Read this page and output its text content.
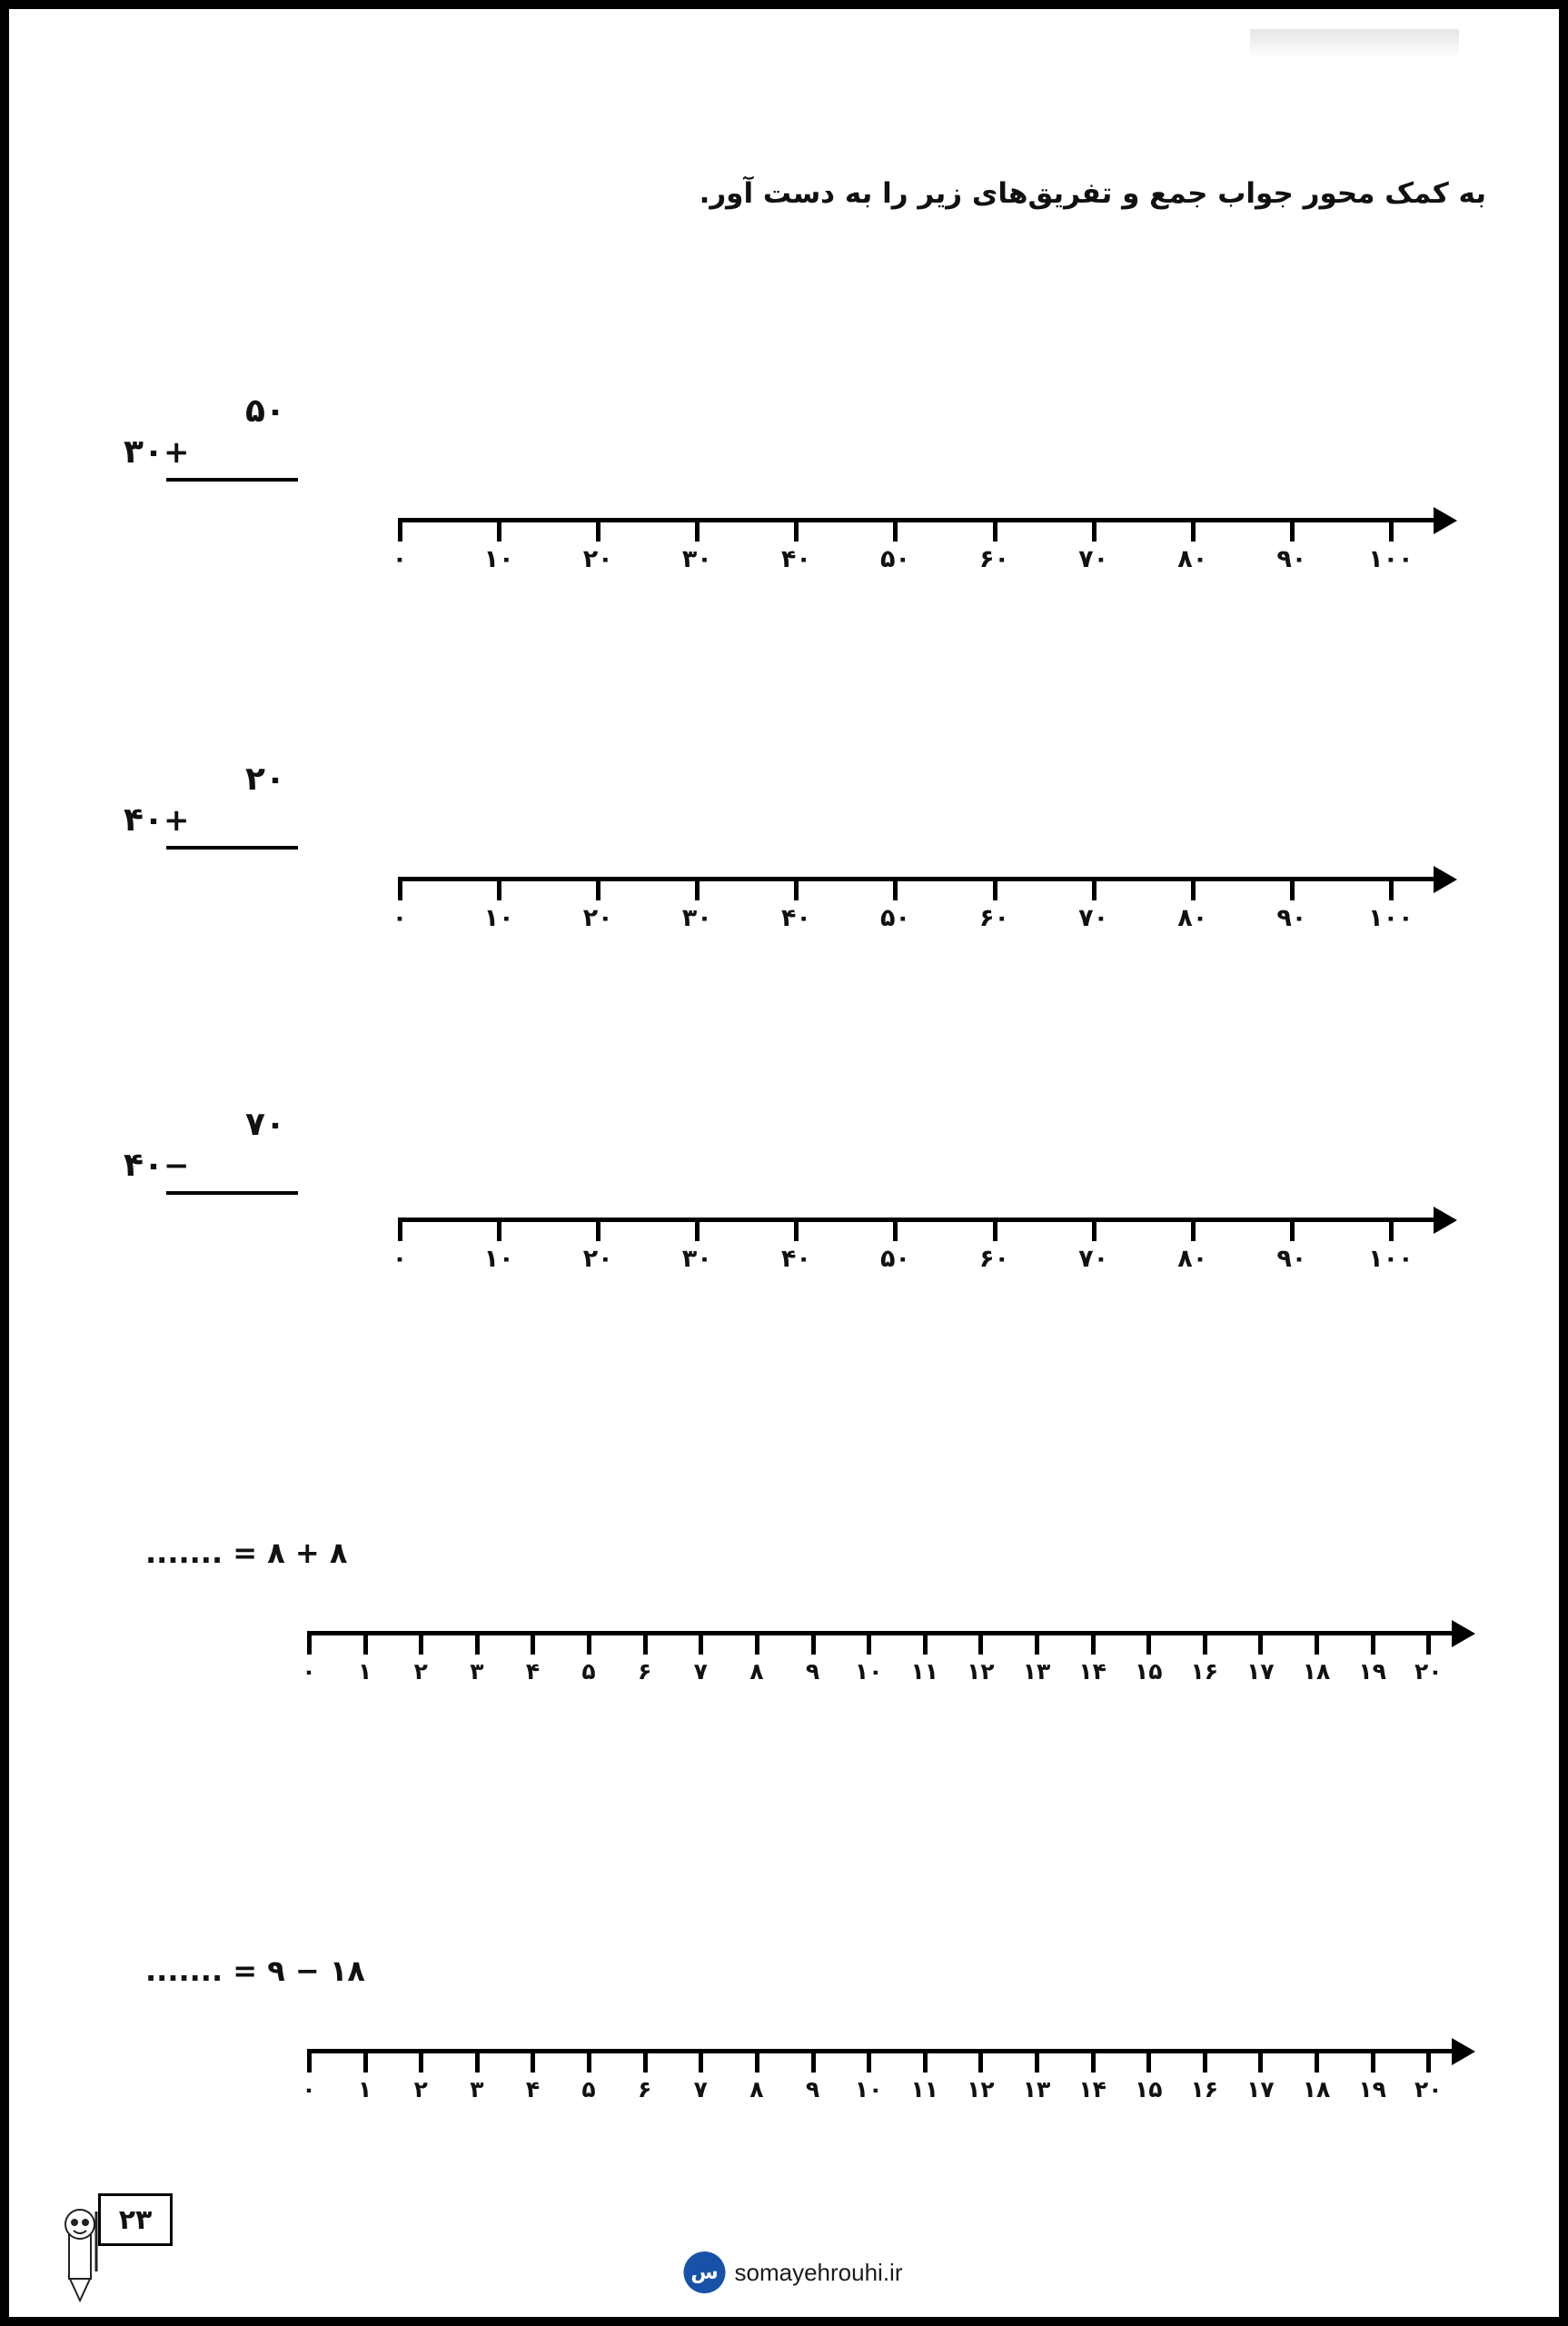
به کمک محور جواب جمع و تفریق‌های زیر را به دست آور.
۵۰
۳۰ +
۲۰
۴۰ +
۷۰
۴۰ −
۰	۱۰	۲۰	۳۰	۴۰	۵۰	۶۰	۷۰	۸۰	۹۰	۱۰۰
۰	۱۰	۲۰	۳۰	۴۰	۵۰	۶۰	۷۰	۸۰	۹۰	۱۰۰
۰	۱۰	۲۰	۳۰	۴۰	۵۰	۶۰	۷۰	۸۰	۹۰	۱۰۰
۸ + ۸ = .......
۰ ۱ ۲ ۳ ۴ ۵ ۶ ۷ ۸ ۹ ۱۰ ۱۱ ۱۲ ۱۳ ۱۴ ۱۵ ۱۶ ۱۷ ۱۸ ۱۹ ۲۰
۱۸ − ۹ = .......
۰ ۱ ۲ ۳ ۴ ۵ ۶ ۷ ۸ ۹ ۱۰ ۱۱ ۱۲ ۱۳ ۱۴ ۱۵ ۱۶ ۱۷ ۱۸ ۱۹ ۲۰
۲۳
س somayehrouhi.ir
